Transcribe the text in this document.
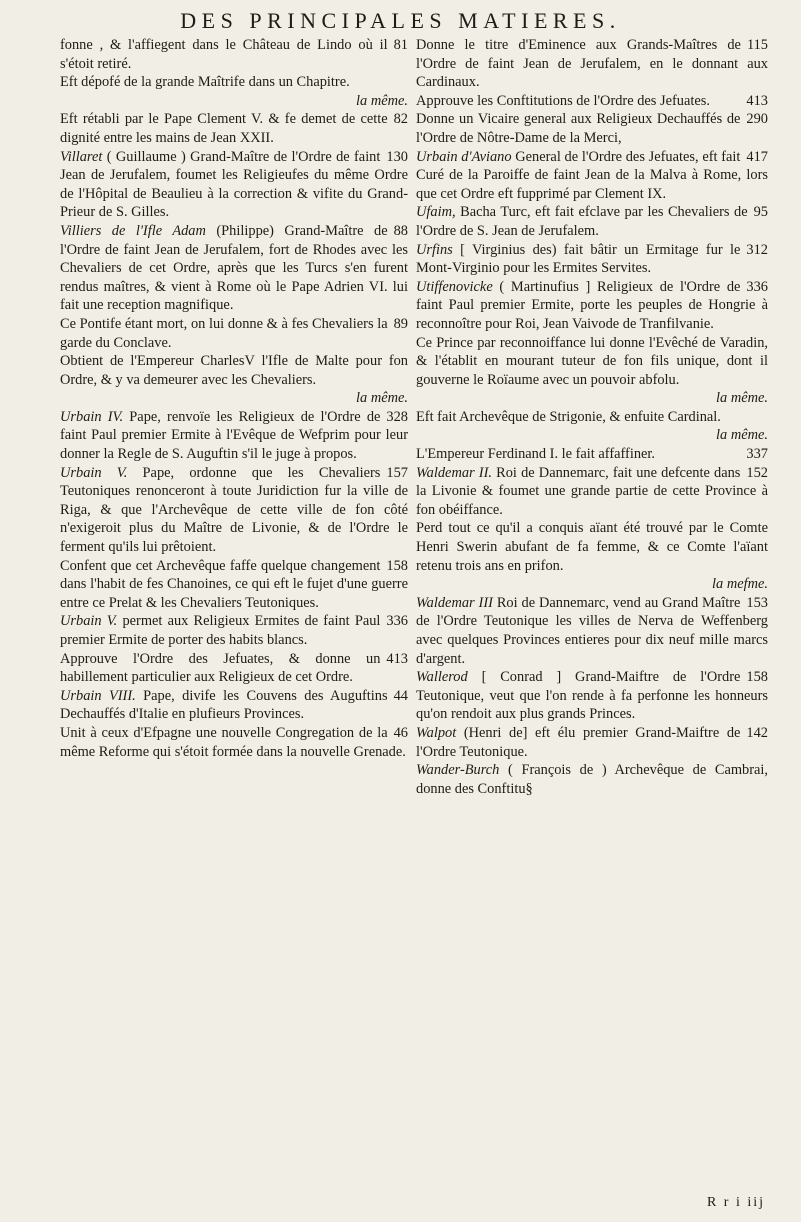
DES PRINCIPALES MATIERES.

81
fonne , & l'affiegent dans le Château de Lindo où il s'étoit retiré.

Eft dépofé de la grande Maîtrife dans un Chapitre.
la même.

82
Eft rétabli par le Pape Clement V. & fe demet de cette dignité entre les mains de Jean XXII.

130
Villaret ( Guillaume ) Grand-Maître de l'Ordre de faint Jean de Jerufalem, foumet les Religieufes du même Ordre de l'Hôpital de Beaulieu à la correction & vifite du Grand-Prieur de S. Gilles.

88
Villiers de l'Ifle Adam (Philippe) Grand-Maître de l'Ordre de faint Jean de Jerufalem, fort de Rhodes avec les Chevaliers de cet Ordre, après que les Turcs s'en furent rendus maîtres, & vient à Rome où le Pape Adrien VI. lui fait une reception magnifique.

89
Ce Pontife étant mort, on lui donne & à fes Chevaliers la garde du Conclave.

Obtient de l'Empereur CharlesV l'Ifle de Malte pour fon Ordre, & y va demeurer avec les Chevaliers.
la même.

328
Urbain IV. Pape, renvoïe les Religieux de l'Ordre de faint Paul premier Ermite à l'Evêque de Wefprim pour leur donner la Regle de S. Auguftin s'il le juge à propos.

157
Urbain V. Pape, ordonne que les Chevaliers Teutoniques renonceront à toute Juridiction fur la ville de Riga, & que l'Archevêque de cette ville de fon côté n'exigeroit plus du Maître de Livonie, & de l'Ordre le ferment qu'ils lui prêtoient.

158
Confent que cet Archevêque faffe quelque changement dans l'habit de fes Chanoines, ce qui eft le fujet d'une guerre entre ce Prelat & les Chevaliers Teutoniques.

336
Urbain V. permet aux Religieux Ermites de faint Paul premier Ermite de porter des habits blancs.

413
Approuve l'Ordre des Jefuates, & donne un habillement particulier aux Religieux de cet Ordre.

44
Urbain VIII. Pape, divife les Couvens des Auguftins Dechauffés d'Italie en plufieurs Provinces.

46
Unit à ceux d'Efpagne une nouvelle Congregation de la même Reforme qui s'étoit formée dans la nouvelle Grenade.

115
Donne le titre d'Eminence aux Grands-Maîtres de l'Ordre de faint Jean de Jerufalem, en le donnant aux Cardinaux.

413
Approuve les Conftitutions de l'Ordre des Jefuates.

290
Donne un Vicaire general aux Religieux Dechauffés de l'Ordre de Nôtre-Dame de la Merci,

417
Urbain d'Aviano General de l'Ordre des Jefuates, eft fait Curé de la Paroiffe de faint Jean de la Malva à Rome, lors que cet Ordre eft fupprimé par Clement IX.

95
Ufaim, Bacha Turc, eft fait efclave par les Chevaliers de l'Ordre de S. Jean de Jerufalem.

312
Urfins [ Virginius des) fait bâtir un Ermitage fur le Mont-Virginio pour les Ermites Servites.

336
Utiffenovicke ( Martinufius ] Religieux de l'Ordre de faint Paul premier Ermite, porte les peuples de Hongrie à reconnoître pour Roi, Jean Vaivode de Tranfilvanie.

Ce Prince par reconnoiffance lui donne l'Evêché de Varadin, & l'établit en mourant tuteur de fon fils unique, dont il gouverne le Roïaume avec un pouvoir abfolu.
la même.

Eft fait Archevêque de Strigonie, & enfuite Cardinal.
la même.

337
L'Empereur Ferdinand I. le fait affaffiner.

152
Waldemar II. Roi de Dannemarc, fait une defcente dans la Livonie & foumet une grande partie de cette Province à fon obéiffance.

Perd tout ce qu'il a conquis aïant été trouvé par le Comte Henri Swerin abufant de fa femme, & ce Comte l'aïant retenu trois ans en prifon.
la mefme.

153
Waldemar III Roi de Dannemarc, vend au Grand Maître de l'Ordre Teutonique les villes de Nerva de Weffenberg avec quelques Provinces entieres pour dix neuf mille marcs d'argent.

158
Wallerod [ Conrad ] Grand-Maiftre de l'Ordre Teutonique, veut que l'on rende à fa perfonne les honneurs qu'on rendoit aux plus grands Princes.

142
Walpot (Henri de] eft élu premier Grand-Maiftre de l'Ordre Teutonique.

Wander-Burch ( François de ) Archevêque de Cambrai, donne des Conftitu§

R r i iij
